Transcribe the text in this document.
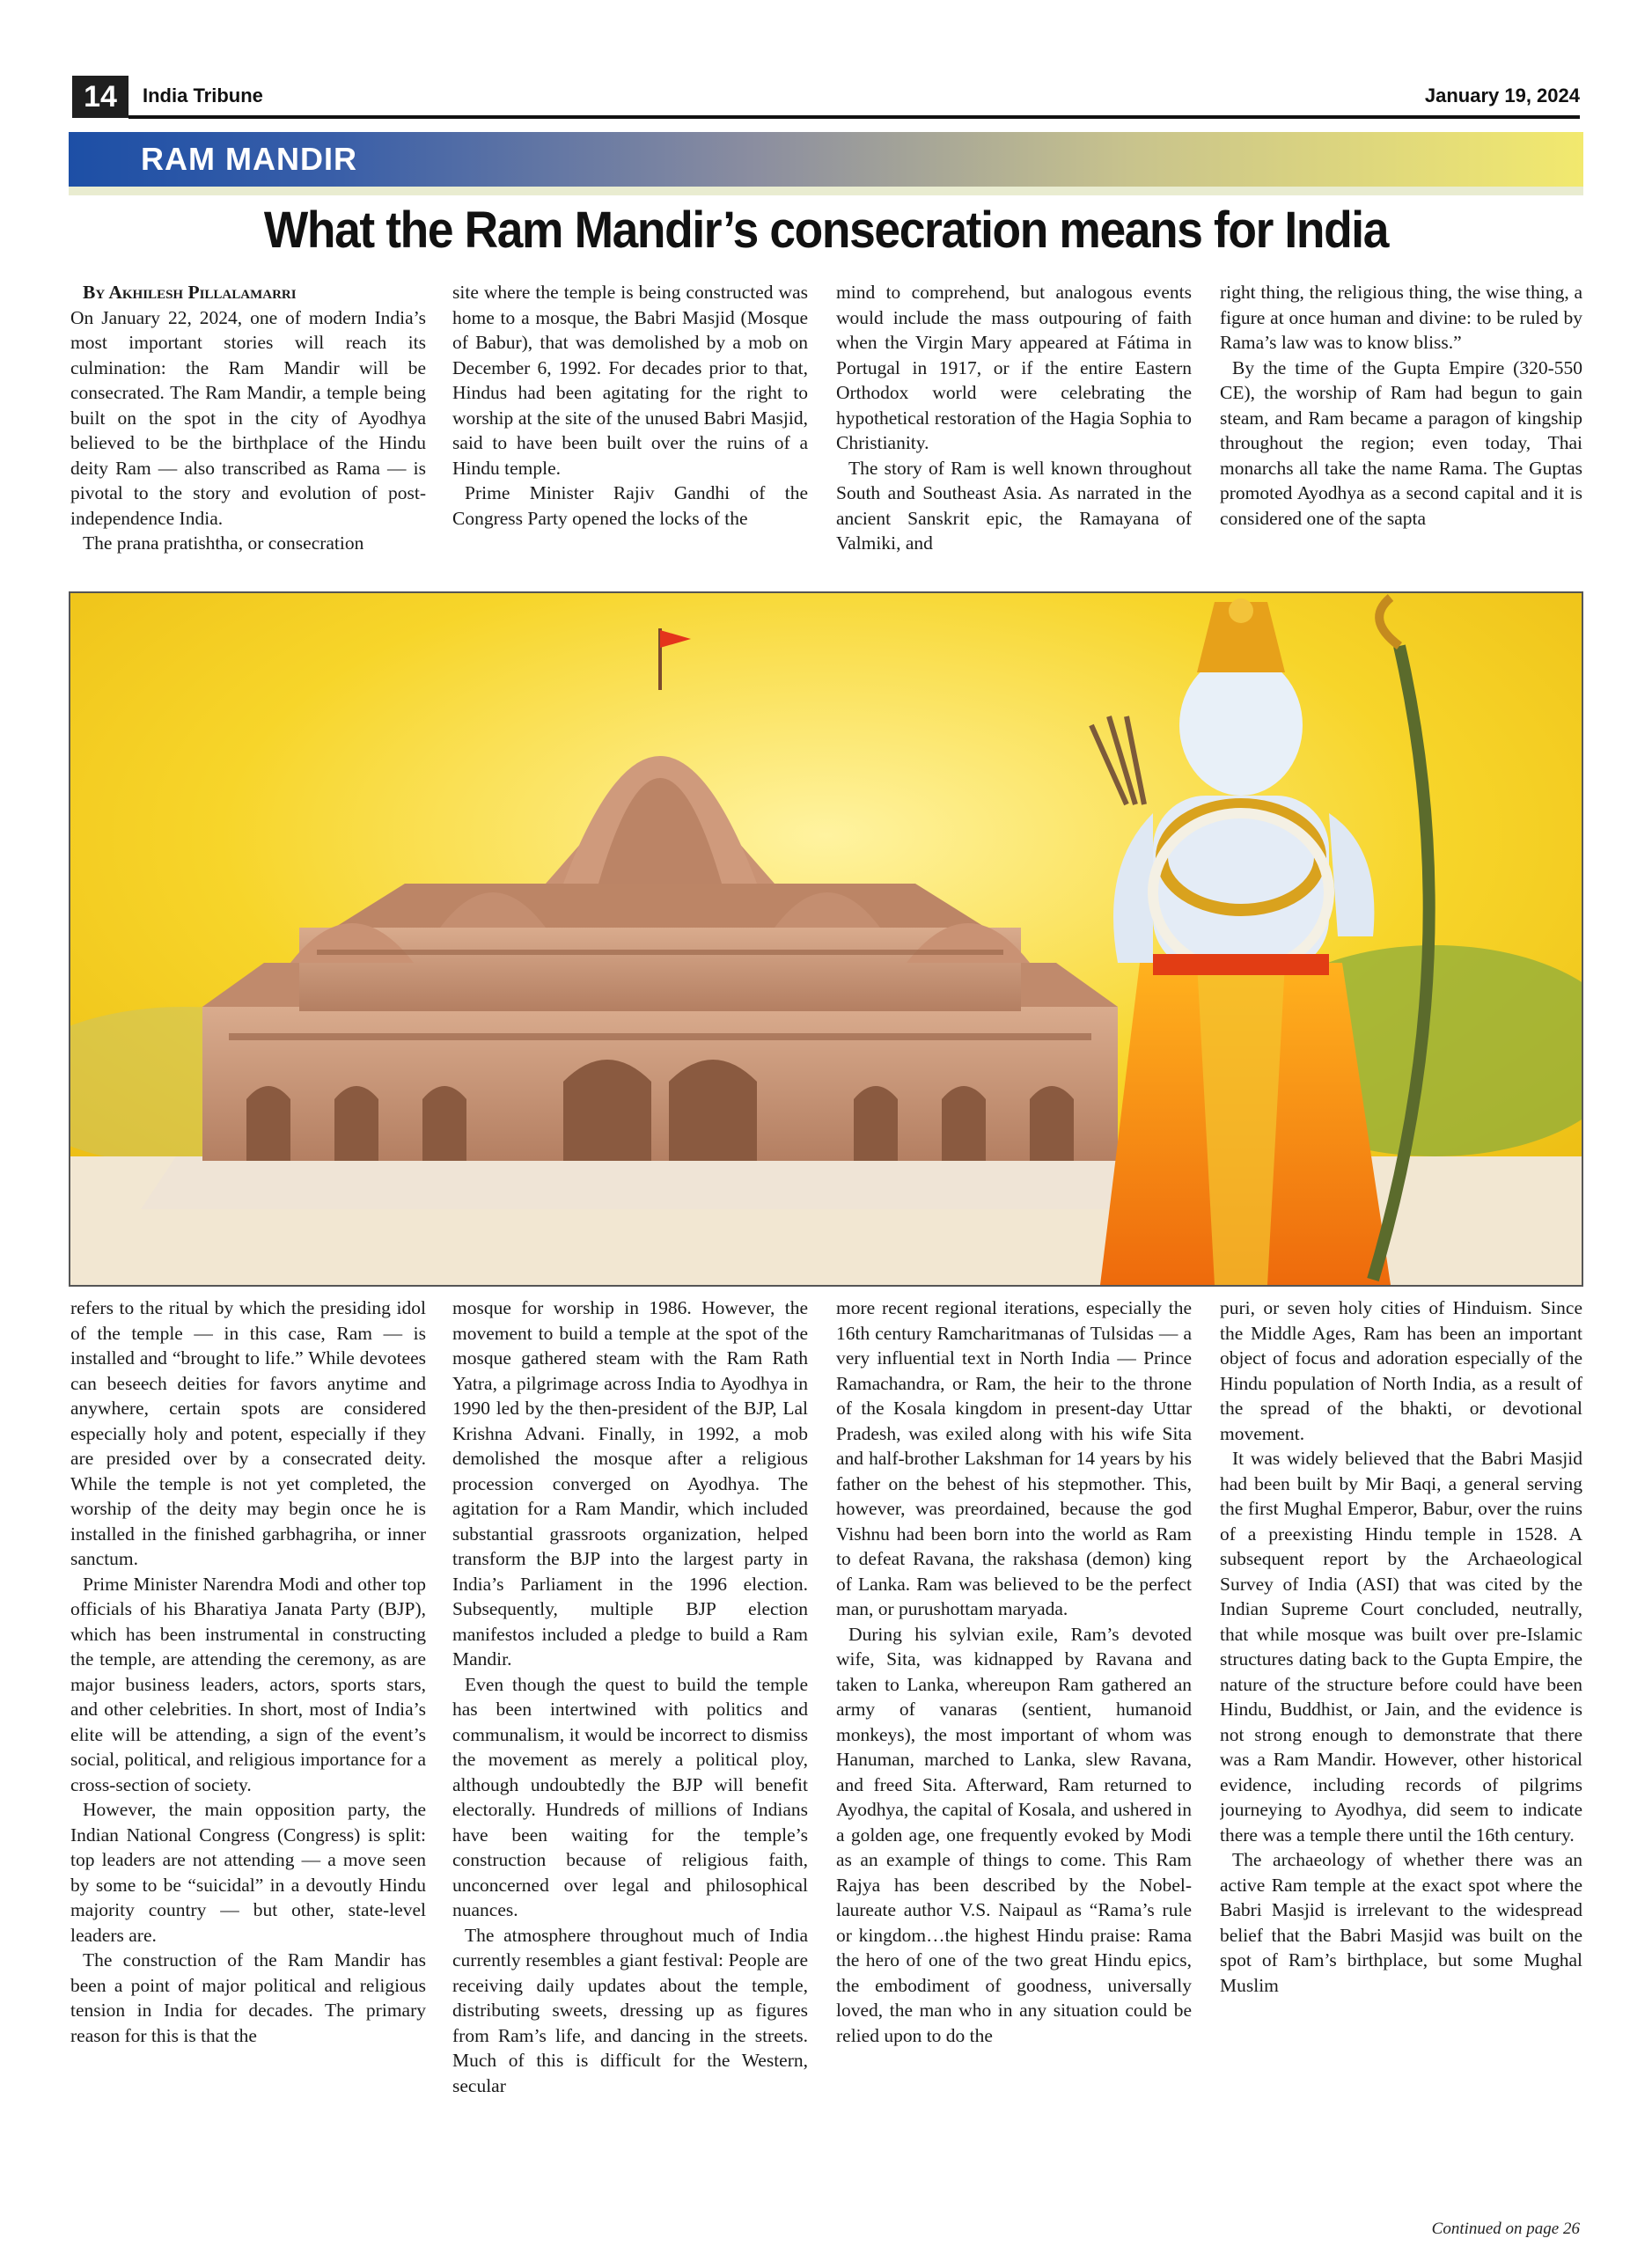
14	India Tribune	January 19, 2024
RAM MANDIR
What the Ram Mandir’s consecration means for India

By Akhilesh Pillalamarri

On January 22, 2024, one of modern India’s most important stories will reach its culmination: the Ram Mandir will be consecrated. The Ram Mandir, a temple being built on the spot in the city of Ayodhya believed to be the birthplace of the Hindu deity Ram — also transcribed as Rama — is pivotal to the story and evolution of post-independence India.

The prana pratishtha, or consecration

site where the temple is being constructed was home to a mosque, the Babri Masjid (Mosque of Babur), that was demolished by a mob on December 6, 1992. For decades prior to that, Hindus had been agitating for the right to worship at the site of the unused Babri Masjid, said to have been built over the ruins of a Hindu temple.

Prime Minister Rajiv Gandhi of the Congress Party opened the locks of the

mind to comprehend, but analogous events would include the mass outpouring of faith when the Virgin Mary appeared at Fátima in Portugal in 1917, or if the entire Eastern Orthodox world were celebrating the hypothetical restoration of the Hagia Sophia to Christianity.

The story of Ram is well known throughout South and Southeast Asia. As narrated in the ancient Sanskrit epic, the Ramayana of Valmiki, and

right thing, the religious thing, the wise thing, a figure at once human and divine: to be ruled by Rama’s law was to know bliss.”

By the time of the Gupta Empire (320-550 CE), the worship of Ram had begun to gain steam, and Ram became a paragon of kingship throughout the region; even today, Thai monarchs all take the name Rama. The Guptas promoted Ayodhya as a second capital and it is considered one of the sapta

refers to the ritual by which the presiding idol of the temple — in this case, Ram — is installed and “brought to life.” While devotees can beseech deities for favors anytime and anywhere, certain spots are considered especially holy and potent, especially if they are presided over by a consecrated deity. While the temple is not yet completed, the worship of the deity may begin once he is installed in the finished garbhagriha, or inner sanctum.

Prime Minister Narendra Modi and other top officials of his Bharatiya Janata Party (BJP), which has been instrumental in constructing the temple, are attending the ceremony, as are major business leaders, actors, sports stars, and other celebrities. In short, most of India’s elite will be attending, a sign of the event’s social, political, and religious importance for a cross-section of society.

However, the main opposition party, the Indian National Congress (Congress) is split: top leaders are not attending — a move seen by some to be “suicidal” in a devoutly Hindu majority country — but other, state-level leaders are.

The construction of the Ram Mandir has been a point of major political and religious tension in India for decades. The primary reason for this is that the

mosque for worship in 1986. However, the movement to build a temple at the spot of the mosque gathered steam with the Ram Rath Yatra, a pilgrimage across India to Ayodhya in 1990 led by the then-president of the BJP, Lal Krishna Advani. Finally, in 1992, a mob demolished the mosque after a religious procession converged on Ayodhya. The agitation for a Ram Mandir, which included substantial grassroots organization, helped transform the BJP into the largest party in India’s Parliament in the 1996 election. Subsequently, multiple BJP election manifestos included a pledge to build a Ram Mandir.

Even though the quest to build the temple has been intertwined with politics and communalism, it would be incorrect to dismiss the movement as merely a political ploy, although undoubtedly the BJP will benefit electorally. Hundreds of millions of Indians have been waiting for the temple’s construction because of religious faith, unconcerned over legal and philosophical nuances.

The atmosphere throughout much of India currently resembles a giant festival: People are receiving daily updates about the temple, distributing sweets, dressing up as figures from Ram’s life, and dancing in the streets. Much of this is difficult for the Western, secular

more recent regional iterations, especially the 16th century Ramcharitmanas of Tulsidas — a very influential text in North India — Prince Ramachandra, or Ram, the heir to the throne of the Kosala kingdom in present-day Uttar Pradesh, was exiled along with his wife Sita and half-brother Lakshman for 14 years by his father on the behest of his stepmother. This, however, was preordained, because the god Vishnu had been born into the world as Ram to defeat Ravana, the rakshasa (demon) king of Lanka. Ram was believed to be the perfect man, or purushottam maryada.

During his sylvian exile, Ram’s devoted wife, Sita, was kidnapped by Ravana and taken to Lanka, whereupon Ram gathered an army of vanaras (sentient, humanoid monkeys), the most important of whom was Hanuman, marched to Lanka, slew Ravana, and freed Sita. Afterward, Ram returned to Ayodhya, the capital of Kosala, and ushered in a golden age, one frequently evoked by Modi as an example of things to come. This Ram Rajya has been described by the Nobel-laureate author V.S. Naipaul as “Rama’s rule or kingdom…the highest Hindu praise: Rama the hero of one of the two great Hindu epics, the embodiment of goodness, universally loved, the man who in any situation could be relied upon to do the

puri, or seven holy cities of Hinduism. Since the Middle Ages, Ram has been an important object of focus and adoration especially of the Hindu population of North India, as a result of the spread of the bhakti, or devotional movement.

It was widely believed that the Babri Masjid had been built by Mir Baqi, a general serving the first Mughal Emperor, Babur, over the ruins of a preexisting Hindu temple in 1528. A subsequent report by the Archaeological Survey of India (ASI) that was cited by the Indian Supreme Court concluded, neutrally, that while mosque was built over pre-Islamic structures dating back to the Gupta Empire, the nature of the structure before could have been Hindu, Buddhist, or Jain, and the evidence is not strong enough to demonstrate that there was a Ram Mandir. However, other historical evidence, including records of pilgrims journeying to Ayodhya, did seem to indicate there was a temple there until the 16th century.

The archaeology of whether there was an active Ram temple at the exact spot where the Babri Masjid is irrelevant to the widespread belief that the Babri Masjid was built on the spot of Ram’s birthplace, but some Mughal Muslim

Continued on page 26
